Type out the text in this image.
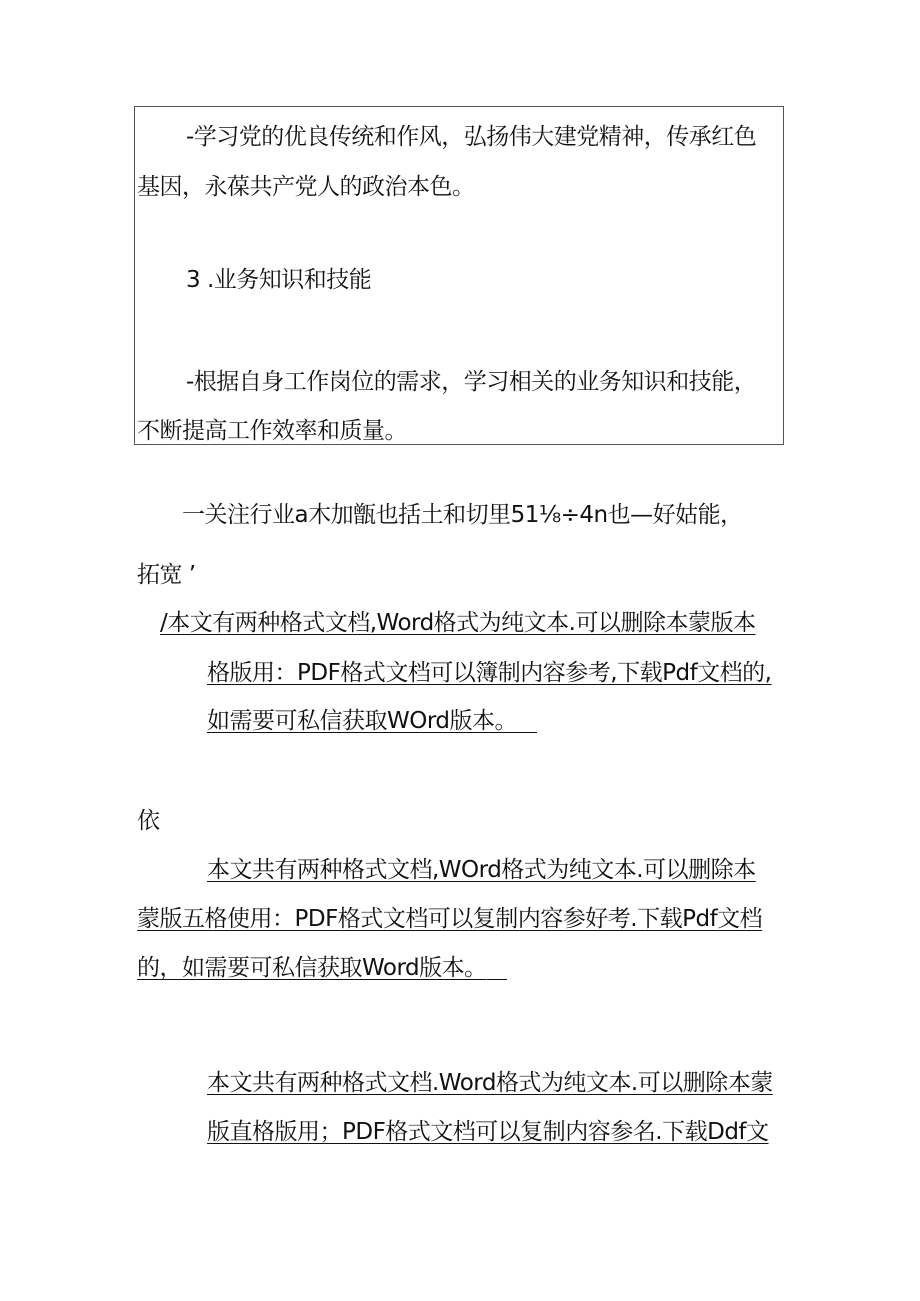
-学习党的优良传统和作风，弘扬伟大建党精神，传承红色
基因，永葆共产党人的政治本色。
3 .业务知识和技能
-根据自身工作岗位的需求，学习相关的业务知识和技能，
不断提高工作效率和质量。
一关注行业a木加甑也括土和切里51⅛÷4n也—好姑能，
拓宽 ’
/本文有两种格式文档,Word格式为纯文本.可以删除本蒙版本
格版用：PDF格式文档可以簿制内容参考,下载Pdf文档的,
如需要可私信获取WOrd版本。
依
本文共有两种格式文档,WOrd格式为纯文本.可以删除本
蒙版五格使用：PDF格式文档可以复制内容参好考.下载Pdf文档
的，如需要可私信获取Word版本。
本文共有两种格式文档.Word格式为纯文本.可以删除本蒙
版直格版用；PDF格式文档可以复制内容参名.下载Ddf文
